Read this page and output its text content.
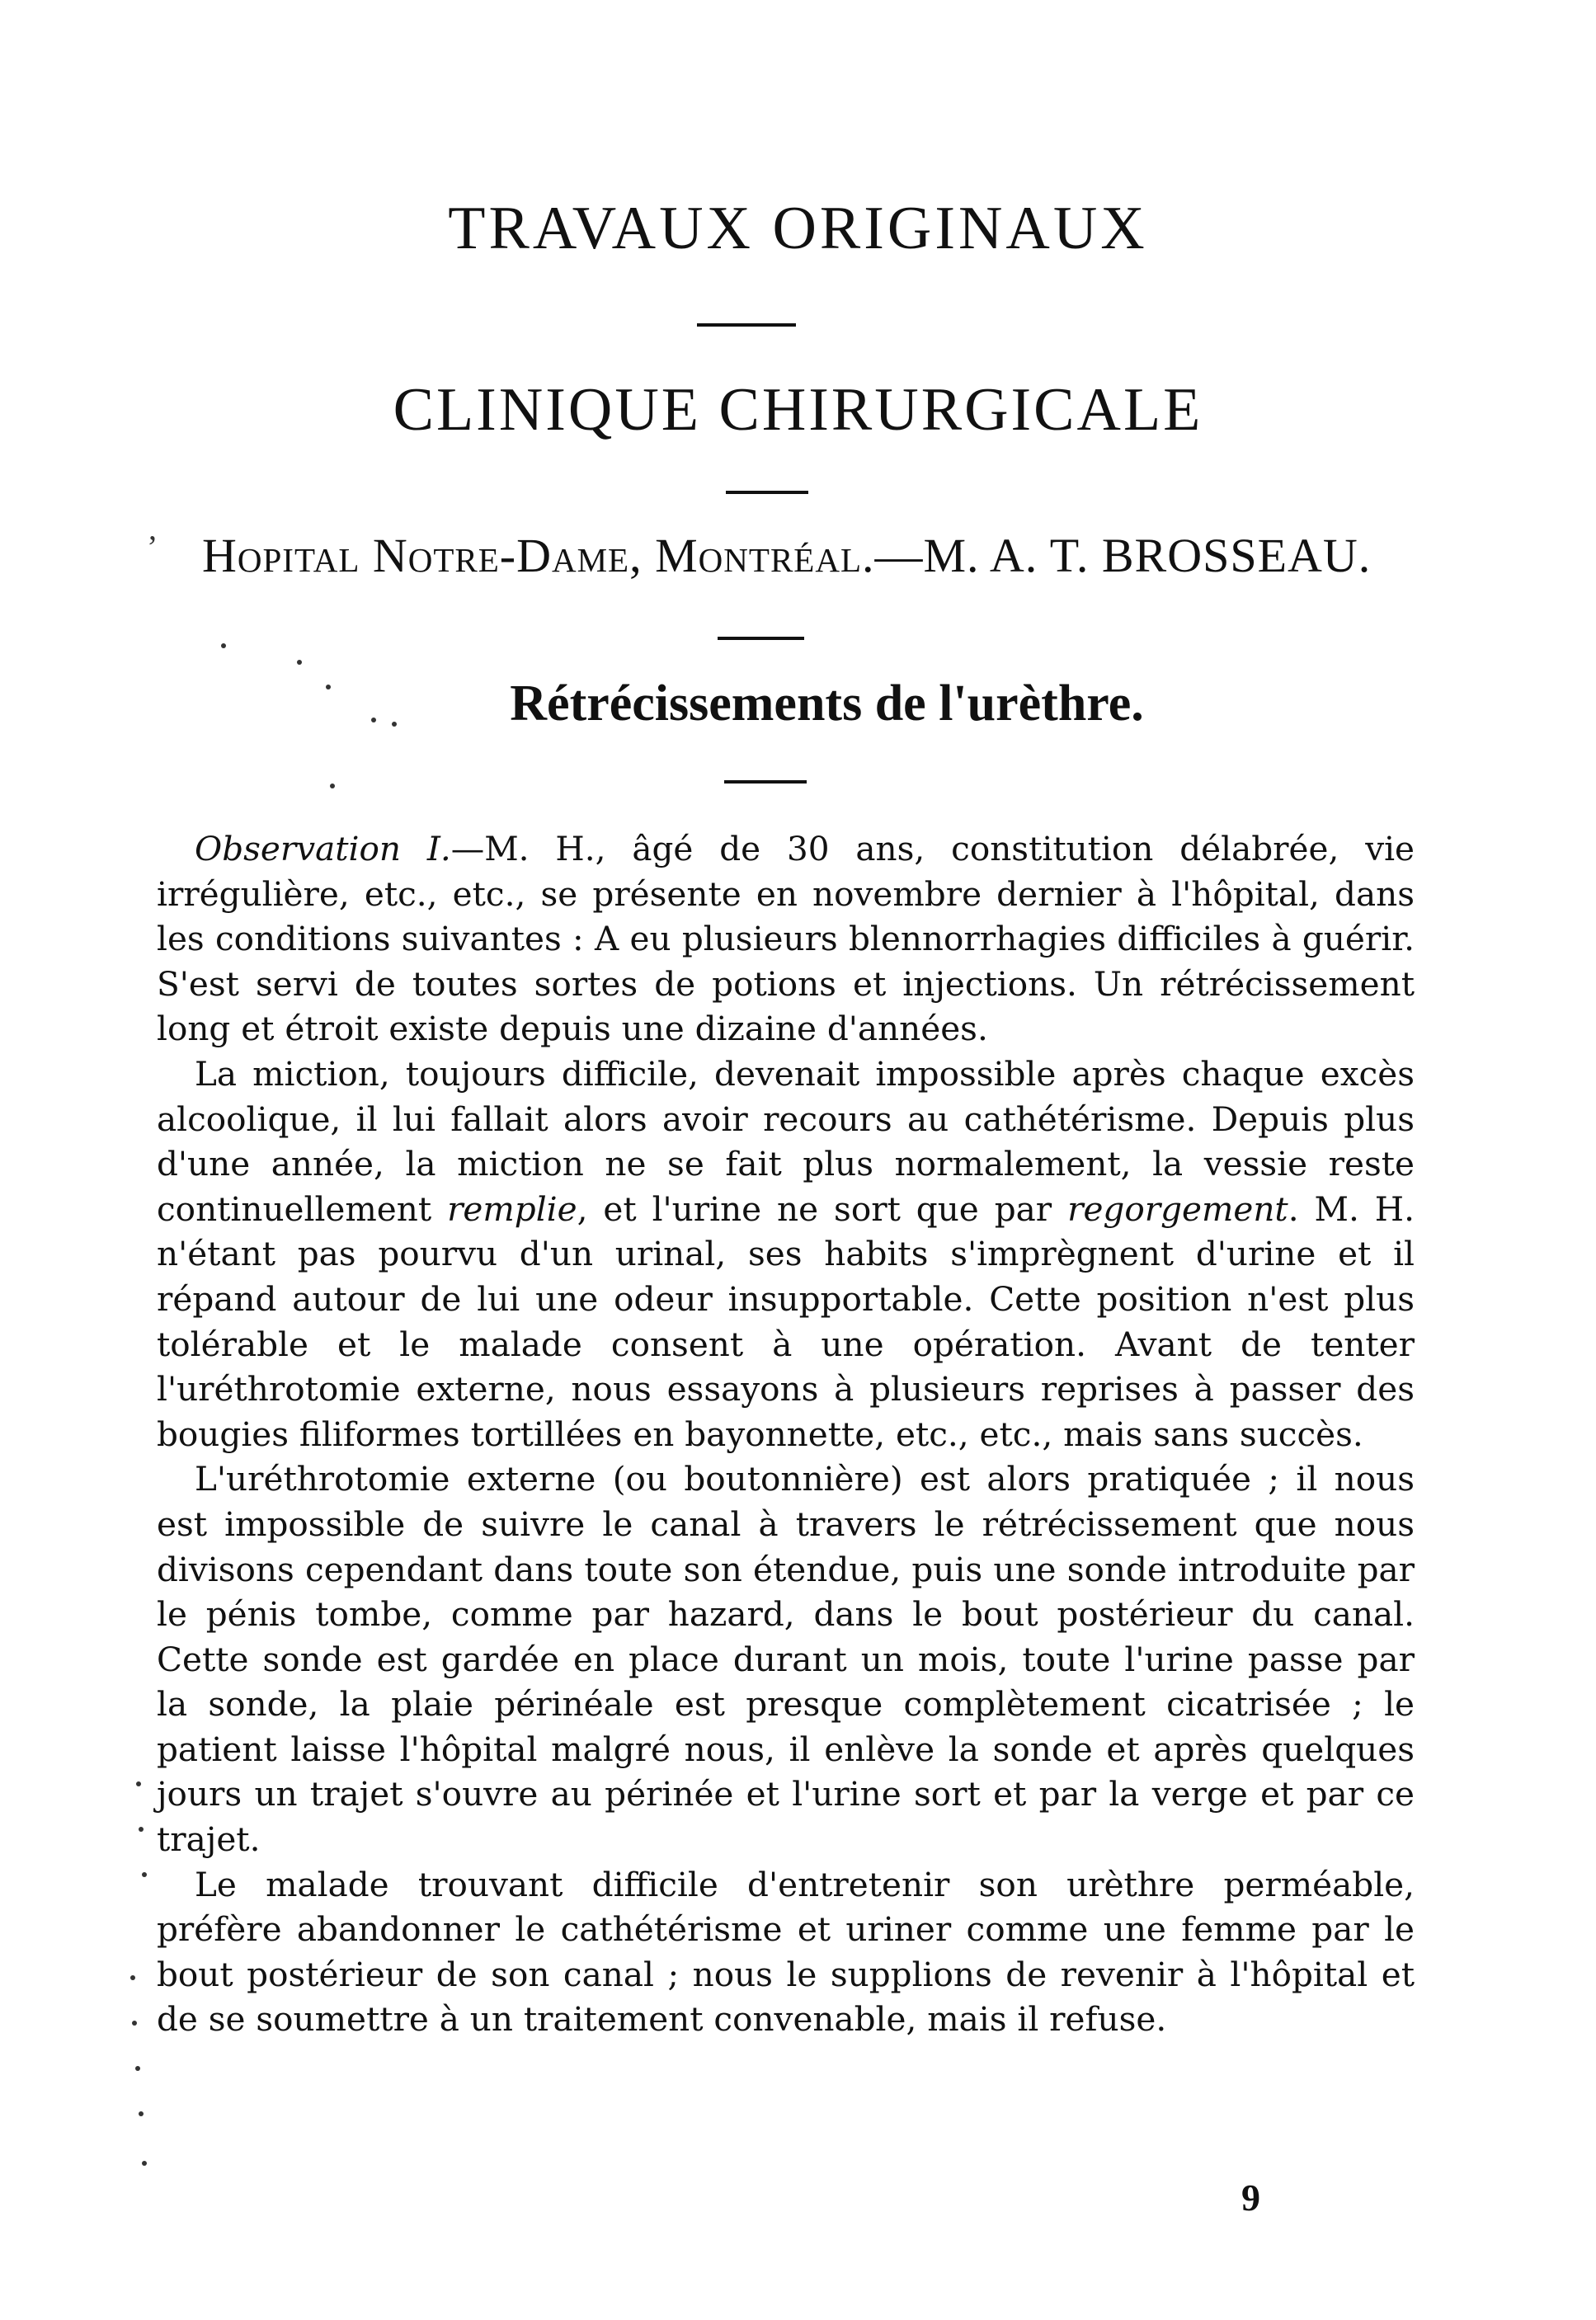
TRAVAUX ORIGINAUX
CLINIQUE CHIRURGICALE
Hopital Notre-Dame, Montréal.—M. A. T. BROSSEAU.
Rétrécissements de l'urèthre.

Observation I.—M. H., âgé de 30 ans, constitution délabrée, vie irrégulière, etc., etc., se présente en novembre dernier à l'hôpital, dans les conditions suivantes : A eu plusieurs blennorrhagies difficiles à guérir. S'est servi de toutes sortes de potions et injections. Un rétrécissement long et étroit existe depuis une dizaine d'années.

La miction, toujours difficile, devenait impossible après chaque excès alcoolique, il lui fallait alors avoir recours au cathétérisme. Depuis plus d'une année, la miction ne se fait plus normalement, la vessie reste continuellement remplie, et l'urine ne sort que par regorgement. M. H. n'étant pas pourvu d'un urinal, ses habits s'imprègnent d'urine et il répand autour de lui une odeur insupportable. Cette position n'est plus tolérable et le malade consent à une opération. Avant de tenter l'uréthrotomie externe, nous essayons à plusieurs reprises à passer des bougies filiformes tortillées en bayonnette, etc., etc., mais sans succès.

L'uréthrotomie externe (ou boutonnière) est alors pratiquée ; il nous est impossible de suivre le canal à travers le rétrécissement que nous divisons cependant dans toute son étendue, puis une sonde introduite par le pénis tombe, comme par hazard, dans le bout postérieur du canal. Cette sonde est gardée en place durant un mois, toute l'urine passe par la sonde, la plaie périnéale est presque complètement cicatrisée ; le patient laisse l'hôpital malgré nous, il enlève la sonde et après quelques jours un trajet s'ouvre au périnée et l'urine sort et par la verge et par ce trajet.

Le malade trouvant difficile d'entretenir son urèthre perméable, préfère abandonner le cathétérisme et uriner comme une femme par le bout postérieur de son canal ; nous le supplions de revenir à l'hôpital et de se soumettre à un traitement convenable, mais il refuse.

9
ʼ
